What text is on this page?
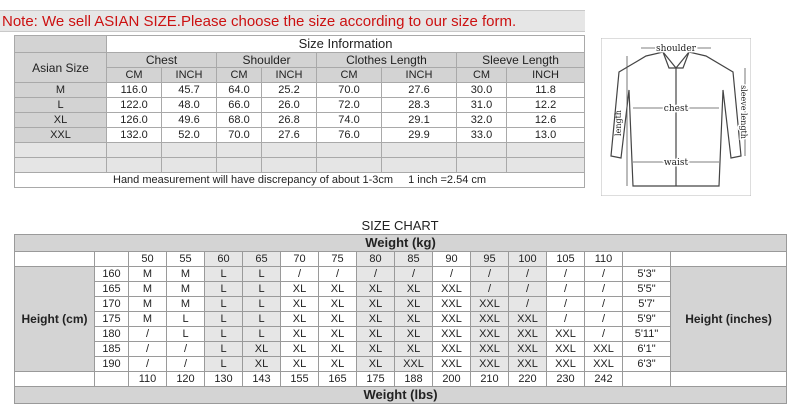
Note: We sell ASIAN SIZE.Please choose the size according to our size form.
	Size Information							
Asian Size	Chest		Shoulder		Clothes Length		Sleeve Length	
	CM	INCH	CM	INCH	CM	INCH	CM	INCH
M	116.0	45.7	64.0	25.2	70.0	27.6	30.0	11.8
L	122.0	48.0	66.0	26.0	72.0	28.3	31.0	12.2
XL	126.0	49.6	68.0	26.8	74.0	29.1	32.0	12.6
XXL	132.0	52.0	70.0	27.6	76.0	29.9	33.0	13.0

Hand measurement will have discrepancy of about 1-3cm 1 inch =2.54 cm								
shoulder
chest
waist
length	sleeve length
SIZE CHART
Weight (kg)																
		50	55	60	65	70	75	80	85	90	95	100	105	110		
Height (cm)	160	M	M	L	L	/	/	/	/	/	/	/	/	/	5'3"	Height (inches)
	165	M	M	L	L	XL	XL	XL	XL	XXL	/	/	/	/	5'5"	
	170	M	M	L	L	XL	XL	XL	XL	XXL	XXL	/	/	/	5'7'	
	175	M	L	L	L	XL	XL	XL	XL	XXL	XXL	XXL	/	/	5'9"	
	180	/	L	L	L	XL	XL	XL	XL	XXL	XXL	XXL	XXL	/	5'11"	
	185	/	/	L	XL	XL	XL	XL	XL	XXL	XXL	XXL	XXL	XXL	6'1"	
	190	/	/	L	XL	XL	XL	XL	XXL	XXL	XXL	XXL	XXL	XXL	6'3"	
		110	120	130	143	155	165	175	188	200	210	220	230	242		
Weight (lbs)																
